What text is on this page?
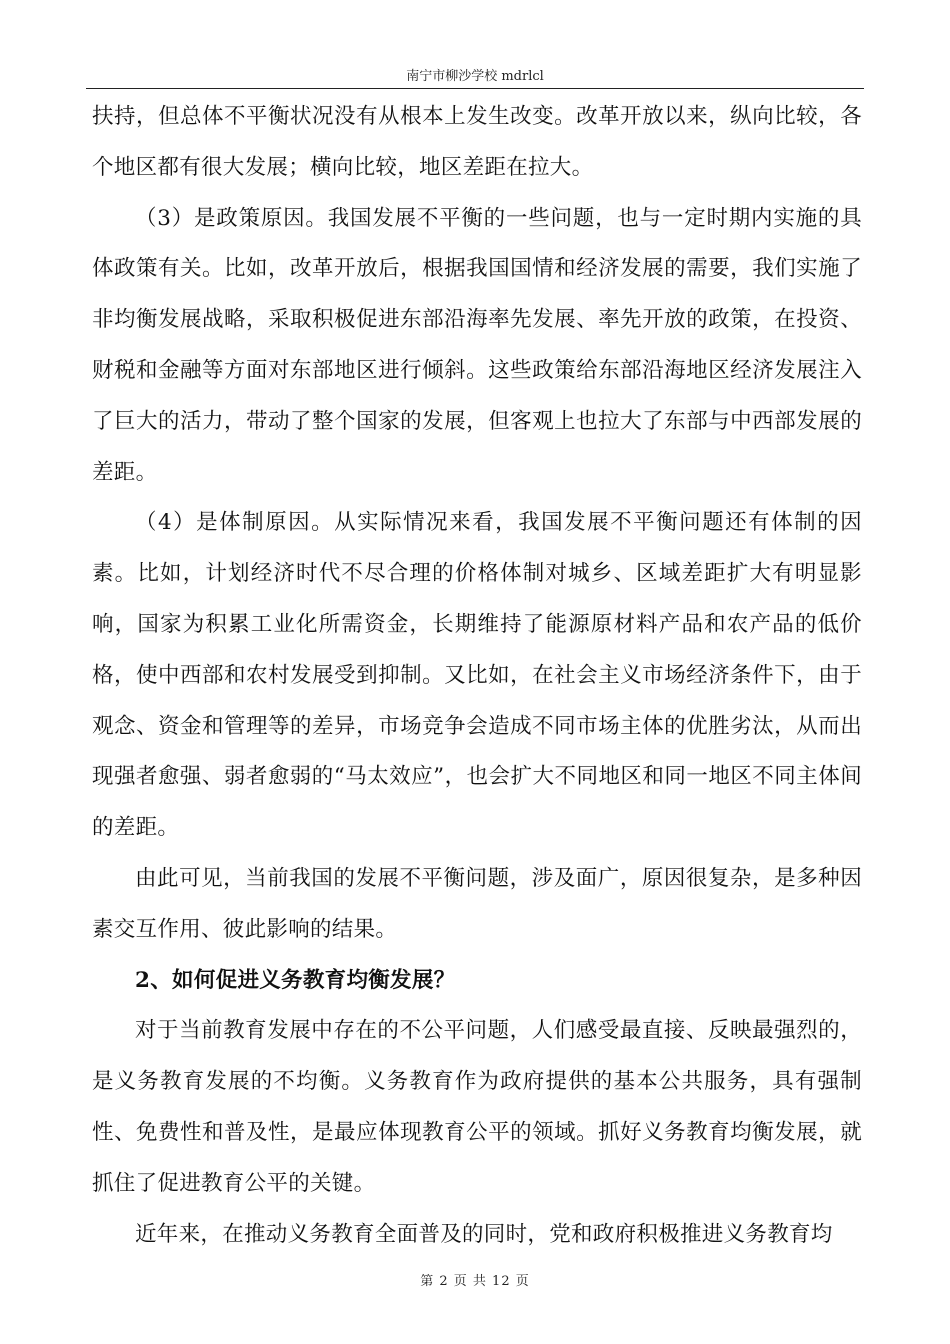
南宁市柳沙学校 mdrlcl

扶持，但总体不平衡状况没有从根本上发生改变。改革开放以来，纵向比较，各个地区都有很大发展；横向比较，地区差距在拉大。

（3）是政策原因。我国发展不平衡的一些问题，也与一定时期内实施的具体政策有关。比如，改革开放后，根据我国国情和经济发展的需要，我们实施了非均衡发展战略，采取积极促进东部沿海率先发展、率先开放的政策，在投资、财税和金融等方面对东部地区进行倾斜。这些政策给东部沿海地区经济发展注入了巨大的活力，带动了整个国家的发展，但客观上也拉大了东部与中西部发展的差距。

（4）是体制原因。从实际情况来看，我国发展不平衡问题还有体制的因素。比如，计划经济时代不尽合理的价格体制对城乡、区域差距扩大有明显影响，国家为积累工业化所需资金，长期维持了能源原材料产品和农产品的低价格，使中西部和农村发展受到抑制。又比如，在社会主义市场经济条件下，由于观念、资金和管理等的差异，市场竞争会造成不同市场主体的优胜劣汰，从而出现强者愈强、弱者愈弱的“马太效应”，也会扩大不同地区和同一地区不同主体间的差距。

由此可见，当前我国的发展不平衡问题，涉及面广，原因很复杂，是多种因素交互作用、彼此影响的结果。

2、如何促进义务教育均衡发展？

对于当前教育发展中存在的不公平问题，人们感受最直接、反映最强烈的，是义务教育发展的不均衡。义务教育作为政府提供的基本公共服务，具有强制性、免费性和普及性，是最应体现教育公平的领域。抓好义务教育均衡发展，就抓住了促进教育公平的关键。

近年来，在推动义务教育全面普及的同时，党和政府积极推进义务教育均

第 2 页 共 12 页
